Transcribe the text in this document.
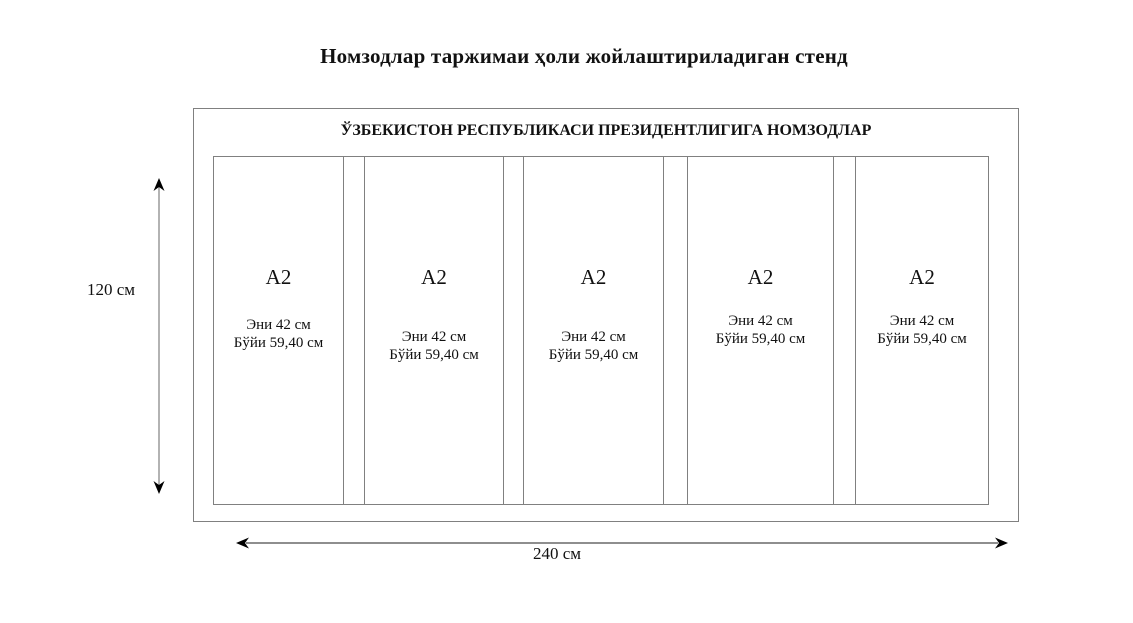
Номзодлар таржимаи ҳоли жойлаштириладиган стенд
ЎЗБЕКИСТОН РЕСПУБЛИКАСИ ПРЕЗИДЕНТЛИГИГА НОМЗОДЛАР
A2
Эни 42 см
Бўйи 59,40 см
A2
Эни 42 см
Бўйи 59,40 см
A2
Эни 42 см
Бўйи 59,40 см
A2
Эни 42 см
Бўйи 59,40 см
A2
Эни 42 см
Бўйи 59,40 см
120 см
240 см
